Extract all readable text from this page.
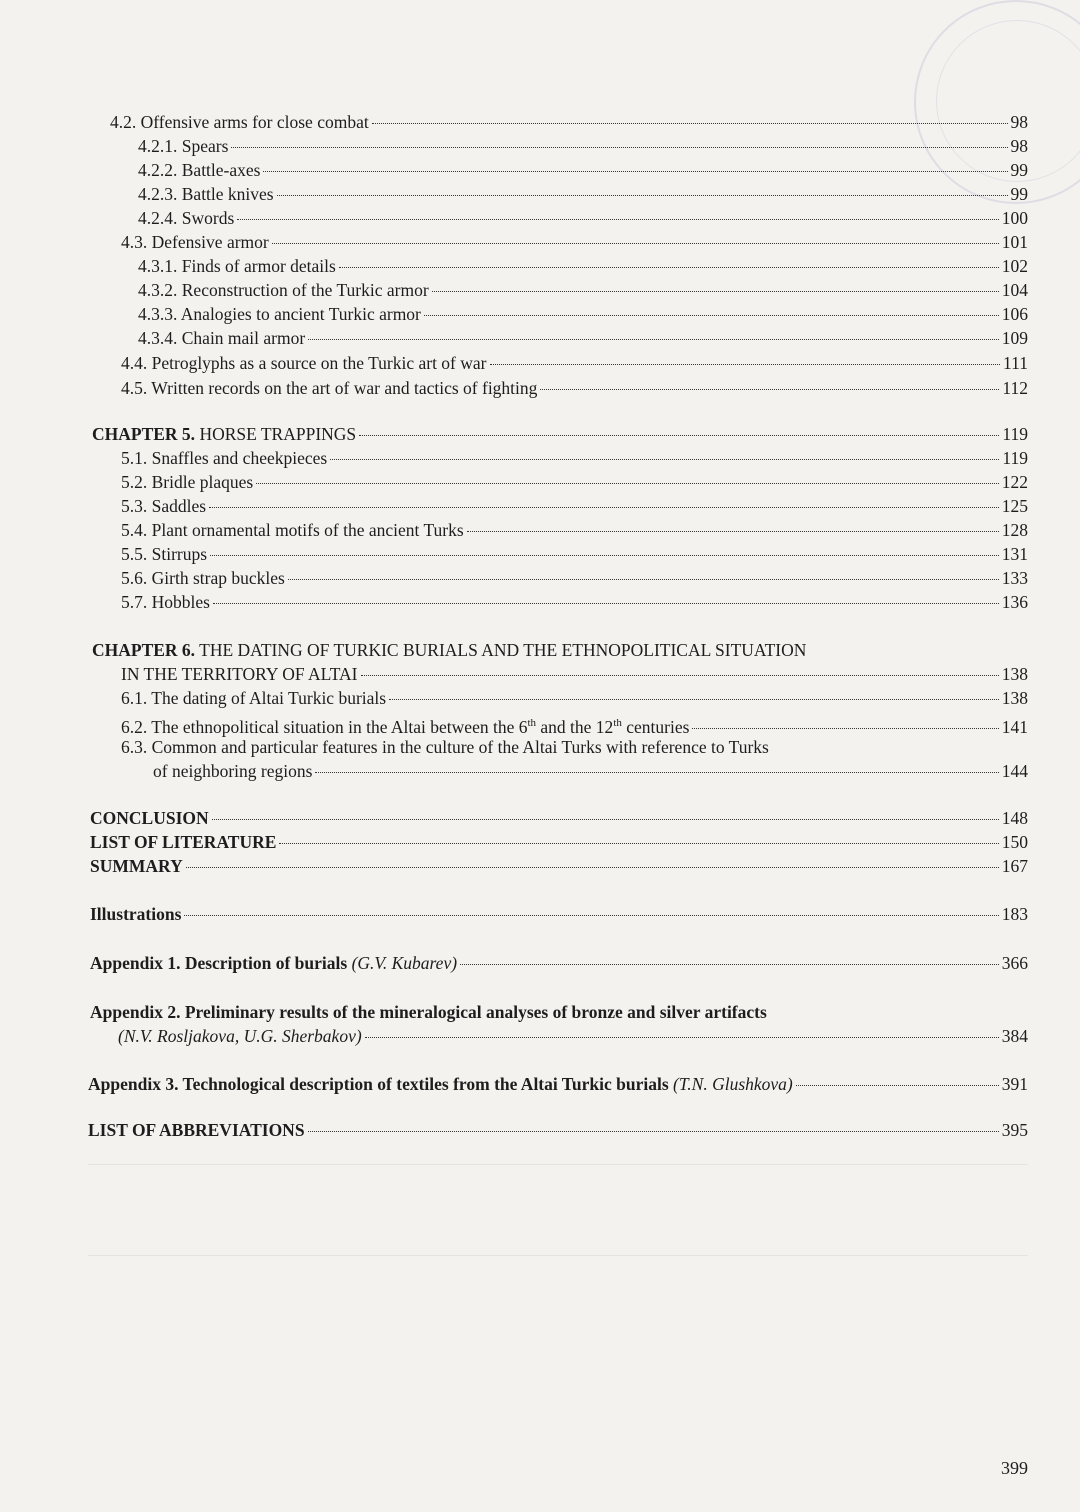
4.2. Offensive arms for close combat	98
4.2.1. Spears	98
4.2.2. Battle-axes	99
4.2.3. Battle knives	99
4.2.4. Swords	100
4.3. Defensive armor	101
4.3.1. Finds of armor details	102
4.3.2. Reconstruction of the Turkic armor	104
4.3.3. Analogies to ancient Turkic armor	106
4.3.4. Chain mail armor	109
4.4. Petroglyphs as a source on the Turkic art of war	111
4.5. Written records on the art of war and tactics of fighting	112
CHAPTER 5. HORSE TRAPPINGS	119
5.1. Snaffles and cheekpieces	119
5.2. Bridle plaques	122
5.3. Saddles	125
5.4. Plant ornamental motifs of the ancient Turks	128
5.5. Stirrups	131
5.6. Girth strap buckles	133
5.7. Hobbles	136
CHAPTER 6. THE DATING OF TURKIC BURIALS AND THE ETHNOPOLITICAL SITUATION
IN THE TERRITORY OF ALTAI	138
6.1. The dating of Altai Turkic burials	138
6.2. The ethnopolitical situation in the Altai between the 6th and the 12th centuries	141
6.3. Common and particular features in the culture of the Altai Turks with reference to Turks
of neighboring regions	144
CONCLUSION	148
LIST OF LITERATURE	150
SUMMARY	167
Illustrations	183
Appendix 1. Description of burials (G.V. Kubarev)	366
Appendix 2. Preliminary results of the mineralogical analyses of bronze and silver artifacts
(N.V. Rosljakova, U.G. Sherbakov)	384
Appendix 3. Technological description of textiles from the Altai Turkic burials (T.N. Glushkova)	391
LIST OF ABBREVIATIONS	395
399
